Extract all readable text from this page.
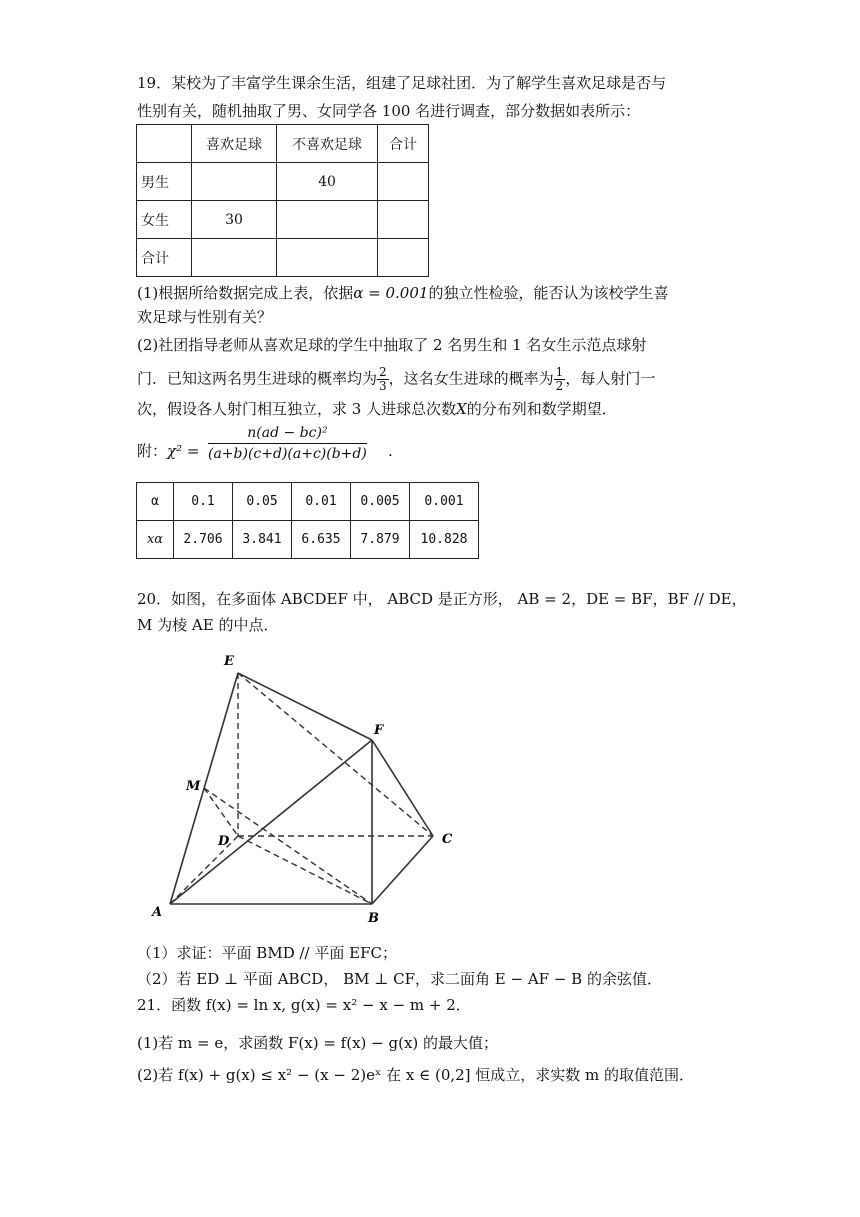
19．某校为了丰富学生课余生活，组建了足球社团．为了解学生喜欢足球是否与
性别有关，随机抽取了男、女同学各 100 名进行调查，部分数据如表所示：
	喜欢足球	不喜欢足球	合计
男生		40	
女生	30		
合计			
(1)根据所给数据完成上表，依据α = 0.001的独立性检验，能否认为该校学生喜
欢足球与性别有关？
(2)社团指导老师从喜欢足球的学生中抽取了 2 名男生和 1 名女生示范点球射
门．已知这两名男生进球的概率均为 $\frac{2}{3}$ ，这名女生进球的概率为 $\frac{1}{2}$ ，每人射门一
次，假设各人射门相互独立，求 3 人进球总次数X的分布列和数学期望．
附：$\chi^2 = \frac{\text{n(ad − bc)²}}{(a+b)(c+d)(a+c)(b+d)}$ .
α	0.1	0.05	0.01	0.005	0.001
xα	2.706	3.841	6.635	7.879	10.828
20．如图，在多面体 ABCDEF 中， ABCD 是正方形， AB = 2，DE = BF，BF // DE，
M 为棱 AE 的中点．
E
F
M
D	C
A	B
（1）求证：平面 BMD // 平面 EFC；
（2）若 ED ⊥ 平面 ABCD， BM ⊥ CF，求二面角 E − AF − B 的余弦值．
21．函数 f(x) = ln x, g(x) = x² − x − m + 2．
(1)若 m = e，求函数 F(x) = f(x) − g(x) 的最大值；
(2)若 f(x) + g(x) ≤ x² − (x − 2)eˣ 在 x ∈ (0,2] 恒成立，求实数 m 的取值范围．
